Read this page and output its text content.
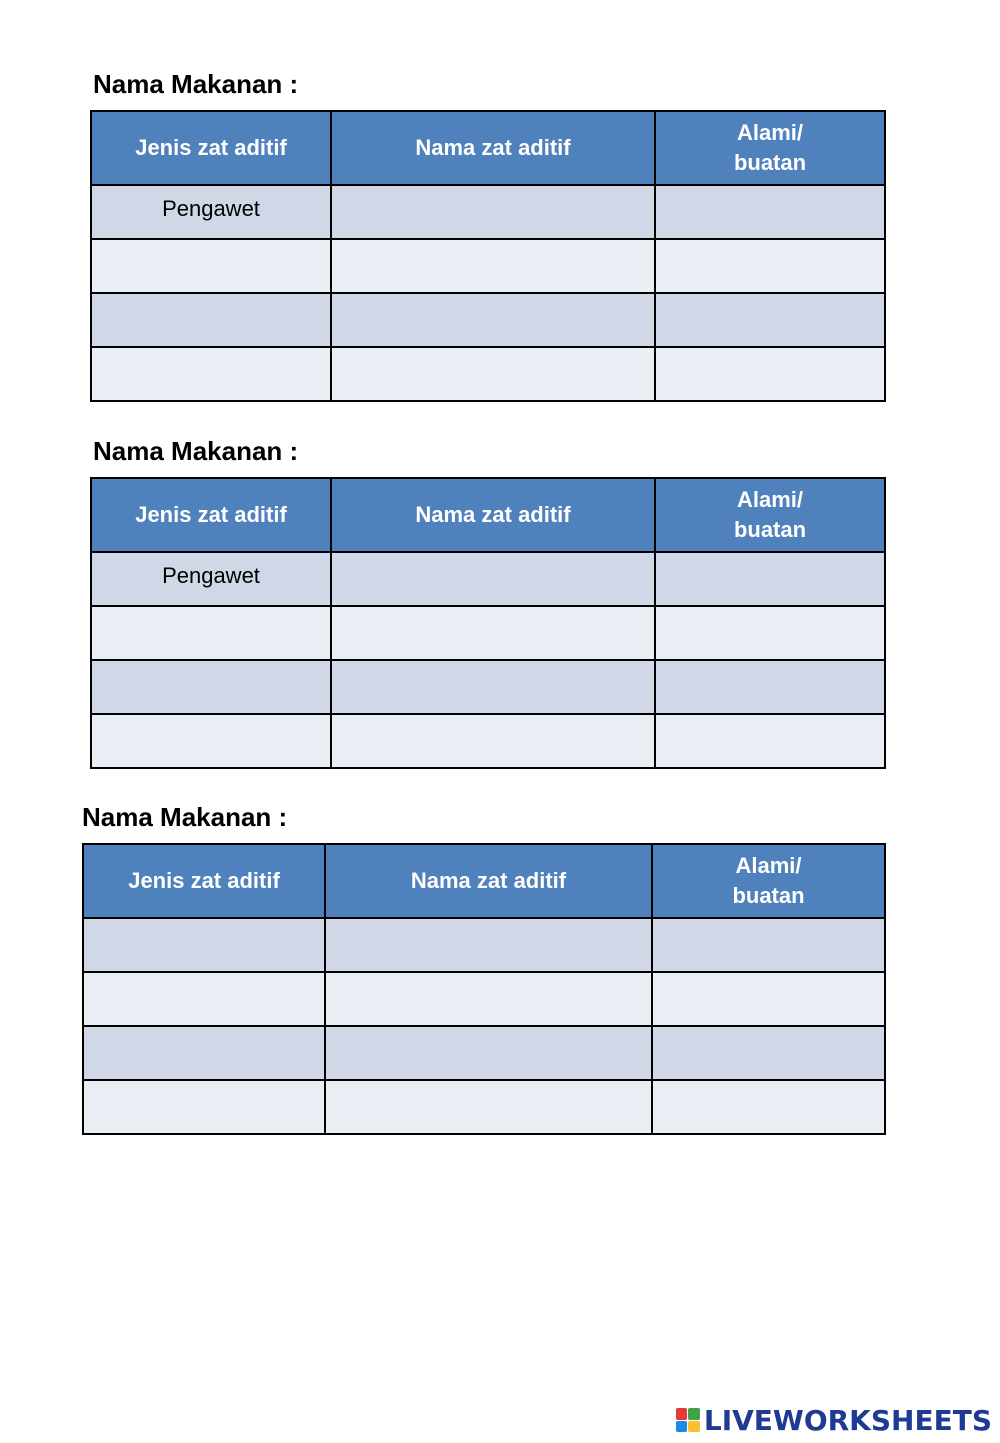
Nama Makanan :
Jenis zat aditif	Nama zat aditif	Alami/
buatan
Pengawet		

Nama Makanan :
Jenis zat aditif	Nama zat aditif	Alami/
buatan
Pengawet		

Nama Makanan :
Jenis zat aditif	Nama zat aditif	Alami/
buatan

LIVEWORKSHEETS
